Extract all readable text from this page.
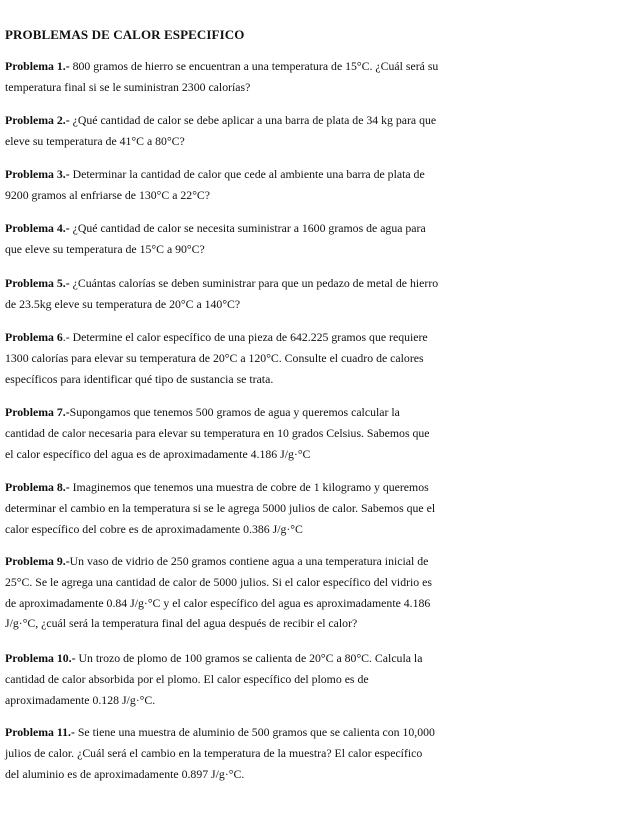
PROBLEMAS DE CALOR ESPECIFICO
Problema 1.- 800 gramos de hierro se encuentran a una temperatura de 15°C. ¿Cuál será su
temperatura final si se le suministran 2300 calorías?
Problema 2.- ¿Qué cantidad de calor se debe aplicar a una barra de plata de 34 kg para que
eleve su temperatura de 41°C a 80°C?
Problema 3.- Determinar la cantidad de calor que cede al ambiente una barra de plata de
9200 gramos al enfriarse de 130°C a 22°C?
Problema 4.- ¿Qué cantidad de calor se necesita suministrar a 1600 gramos de agua para
que eleve su temperatura de 15°C a 90°C?
Problema 5.- ¿Cuántas calorías se deben suministrar para que un pedazo de metal de hierro
de 23.5kg eleve su temperatura de 20°C a 140°C?
Problema 6.- Determine el calor específico de una pieza de 642.225 gramos que requiere
1300 calorías para elevar su temperatura de 20°C a 120°C. Consulte el cuadro de calores
específicos para identificar qué tipo de sustancia se trata.
Problema 7.-Supongamos que tenemos 500 gramos de agua y queremos calcular la
cantidad de calor necesaria para elevar su temperatura en 10 grados Celsius. Sabemos que
el calor específico del agua es de aproximadamente 4.186 J/g·°C
Problema 8.- Imaginemos que tenemos una muestra de cobre de 1 kilogramo y queremos
determinar el cambio en la temperatura si se le agrega 5000 julios de calor. Sabemos que el
calor específico del cobre es de aproximadamente 0.386 J/g·°C
Problema 9.-Un vaso de vidrio de 250 gramos contiene agua a una temperatura inicial de
25°C. Se le agrega una cantidad de calor de 5000 julios. Si el calor específico del vidrio es
de aproximadamente 0.84 J/g·°C y el calor específico del agua es aproximadamente 4.186
J/g·°C, ¿cuál será la temperatura final del agua después de recibir el calor?
Problema 10.- Un trozo de plomo de 100 gramos se calienta de 20°C a 80°C. Calcula la
cantidad de calor absorbida por el plomo. El calor específico del plomo es de
aproximadamente 0.128 J/g·°C.
Problema 11.- Se tiene una muestra de aluminio de 500 gramos que se calienta con 10,000
julios de calor. ¿Cuál será el cambio en la temperatura de la muestra? El calor específico
del aluminio es de aproximadamente 0.897 J/g·°C.
